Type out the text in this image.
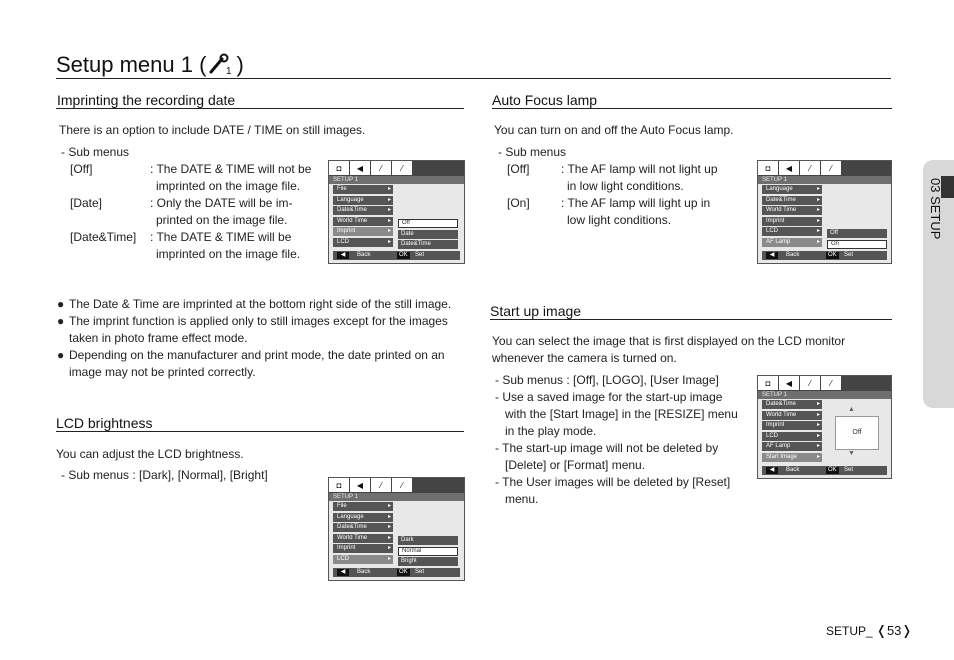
Setup menu 1 ( 1 )
Imprinting the recording date
There is an option to include DATE / TIME on still images.
- Sub menus
[Off]	: The DATE & TIME will not be
imprinted on the image file.
[Date]	: Only the DATE will be im-
printed on the image file.
[Date&Time] : The DATE & TIME will be
imprinted on the image file.
◘	◀	⁄	⁄
SETUP 1
File ▸
Language ▸
Date&Time ▸
World Time ▸
Imprint ▸
LCD ▸
Off
Date
Date&Time
◀	Back	OK	Set
● The Date & Time are imprinted at the bottom right side of the still image.
● The imprint function is applied only to still images except for the images
taken in photo frame effect mode.
● Depending on the manufacturer and print mode, the date printed on an
image may not be printed correctly.
LCD brightness
You can adjust the LCD brightness.
- Sub menus : [Dark], [Normal], [Bright]
◘	◀	⁄	⁄
SETUP 1
File ▸
Language ▸
Date&Time ▸
World Time ▸
Imprint ▸
LCD ▸
Dark
Normal
Bright
◀	Back	OK	Set
Auto Focus lamp
You can turn on and off the Auto Focus lamp.
- Sub menus
[Off]	: The AF lamp will not light up
in low light conditions.
[On]	: The AF lamp will light up in
low light conditions.
◘	◀	⁄	⁄
SETUP 1
Language ▸
Date&Time ▸
World Time ▸
Imprint ▸
LCD ▸
AF Lamp ▸
Off
On
◀	Back	OK	Set
Start up image
You can select the image that is first displayed on the LCD monitor
whenever the camera is turned on.
- Sub menus : [Off], [LOGO], [User Image]
- Use a saved image for the start-up image
with the [Start Image] in the [RESIZE] menu
in the play mode.
- The start-up image will not be deleted by
[Delete] or [Format] menu.
- The User images will be deleted by [Reset]
menu.
◘	◀	⁄	⁄
SETUP 1
Date&Time ▸
World Time ▸
Imprint ▸
LCD ▸
AF Lamp ▸
Start Image ▸
▲
Off
▼
◀	Back	OK	Set
03 SETUP
SETUP_ ❬53❭
